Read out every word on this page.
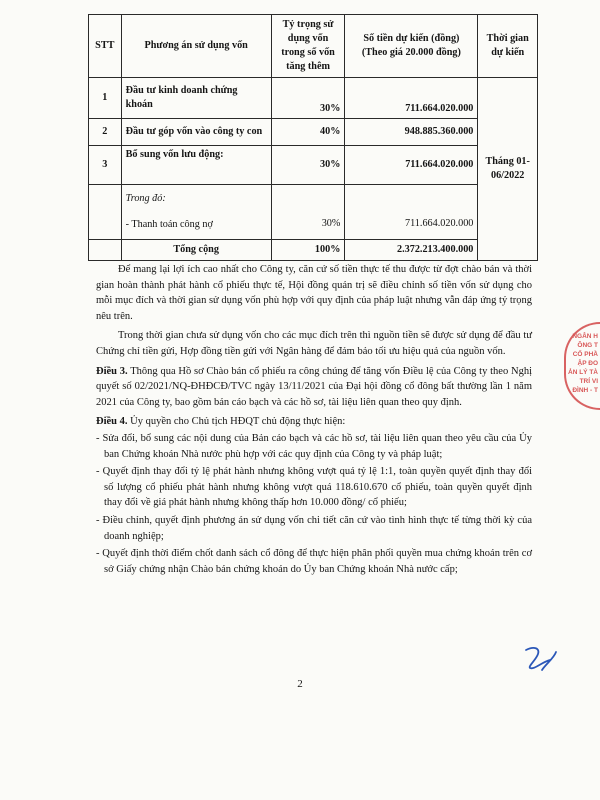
STT	Phương án sử dụng vốn	Tỷ trọng sử dụng vốn trong số vốn tăng thêm	Số tiền dự kiến (đồng) (Theo giá 20.000 đồng)	Thời gian dự kiến
1	Đầu tư kinh doanh chứng khoán	30%	711.664.020.000	Tháng 01-06/2022
2	Đầu tư góp vốn vào công ty con	40%	948.885.360.000	
3	Bổ sung vốn lưu động:	30%	711.664.020.000	

	Trong đó:
- Thanh toán công nợ	30%	711.664.020.000	
	Tổng cộng	100%	2.372.213.400.000	

Để mang lại lợi ích cao nhất cho Công ty, căn cứ số tiền thực tế thu được từ đợt chào bán và thời gian hoàn thành phát hành cổ phiếu thực tế, Hội đồng quản trị sẽ điều chỉnh số tiền vốn sử dụng cho mỗi mục đích và thời gian sử dụng vốn phù hợp với quy định của pháp luật nhưng vẫn đáp ứng tỷ trọng nêu trên.

Trong thời gian chưa sử dụng vốn cho các mục đích trên thì nguồn tiền sẽ được sử dụng để đầu tư Chứng chỉ tiền gửi, Hợp đồng tiền gửi với Ngân hàng để đảm bảo tối ưu hiệu quả của nguồn vốn.

Điều 3. Thông qua Hồ sơ Chào bán cổ phiếu ra công chúng để tăng vốn Điều lệ của Công ty theo Nghị quyết số 02/2021/NQ-ĐHĐCĐ/TVC ngày 13/11/2021 của Đại hội đồng cổ đông bất thường lần 1 năm 2021 của Công ty, bao gồm bản cáo bạch và các hồ sơ, tài liệu liên quan theo quy định.

Điều 4. Ủy quyền cho Chủ tịch HĐQT chủ động thực hiện:

- Sửa đổi, bổ sung các nội dung của Bản cáo bạch và các hồ sơ, tài liệu liên quan theo yêu cầu của Ủy ban Chứng khoán Nhà nước phù hợp với các quy định của Công ty và pháp luật;

- Quyết định thay đổi tỷ lệ phát hành nhưng không vượt quá tỷ lệ 1:1, toàn quyền quyết định thay đổi số lượng cổ phiếu phát hành nhưng không vượt quá 118.610.670 cổ phiếu, toàn quyền quyết định thay đổi về giá phát hành nhưng không thấp hơn 10.000 đồng/ cổ phiếu;

- Điều chỉnh, quyết định phương án sử dụng vốn chi tiết căn cứ vào tình hình thực tế từng thời kỳ của doanh nghiệp;

- Quyết định thời điểm chốt danh sách cổ đông để thực hiện phân phối quyền mua chứng khoán trên cơ sở Giấy chứng nhận Chào bán chứng khoán do Ủy ban Chứng khoán Nhà nước cấp;

2
NGÂN H
ÔNG T
CỔ PHẦ
ẬP ĐO
ẢN LÝ TÀ
TRÍ VI
ĐÌNH - T
